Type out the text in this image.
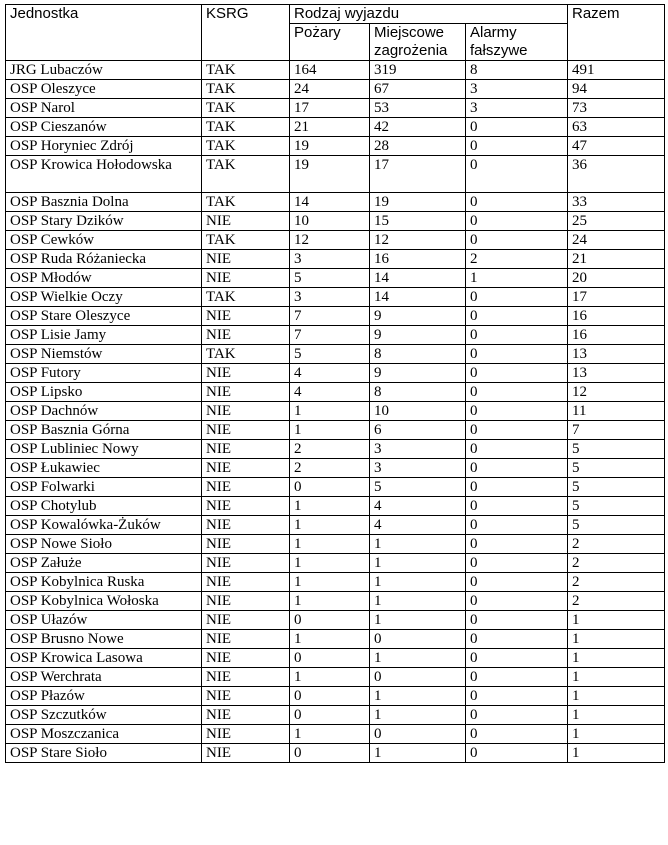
Jednostka	KSRG	Rodzaj wyjazdu			Razem
		Pożary	Miejscowe zagrożenia	Alarmy fałszywe	
JRG Lubaczów	TAK	164	319	8	491
OSP Oleszyce	TAK	24	67	3	94
OSP Narol	TAK	17	53	3	73
OSP Cieszanów	TAK	21	42	0	63
OSP Horyniec Zdrój	TAK	19	28	0	47
OSP Krowica Hołodowska	TAK	19	17	0	36
OSP Basznia Dolna	TAK	14	19	0	33
OSP Stary Dzików	NIE	10	15	0	25
OSP Cewków	TAK	12	12	0	24
OSP Ruda Różaniecka	NIE	3	16	2	21
OSP Młodów	NIE	5	14	1	20
OSP Wielkie Oczy	TAK	3	14	0	17
OSP Stare Oleszyce	NIE	7	9	0	16
OSP Lisie Jamy	NIE	7	9	0	16
OSP Niemstów	TAK	5	8	0	13
OSP Futory	NIE	4	9	0	13
OSP Lipsko	NIE	4	8	0	12
OSP Dachnów	NIE	1	10	0	11
OSP Basznia Górna	NIE	1	6	0	7
OSP Lubliniec Nowy	NIE	2	3	0	5
OSP Łukawiec	NIE	2	3	0	5
OSP Folwarki	NIE	0	5	0	5
OSP Chotylub	NIE	1	4	0	5
OSP Kowalówka-Żuków	NIE	1	4	0	5
OSP Nowe Sioło	NIE	1	1	0	2
OSP Załuże	NIE	1	1	0	2
OSP Kobylnica Ruska	NIE	1	1	0	2
OSP Kobylnica Wołoska	NIE	1	1	0	2
OSP Ułazów	NIE	0	1	0	1
OSP Brusno Nowe	NIE	1	0	0	1
OSP Krowica Lasowa	NIE	0	1	0	1
OSP Werchrata	NIE	1	0	0	1
OSP Płazów	NIE	0	1	0	1
OSP Szczutków	NIE	0	1	0	1
OSP Moszczanica	NIE	1	0	0	1
OSP Stare Sioło	NIE	0	1	0	1
